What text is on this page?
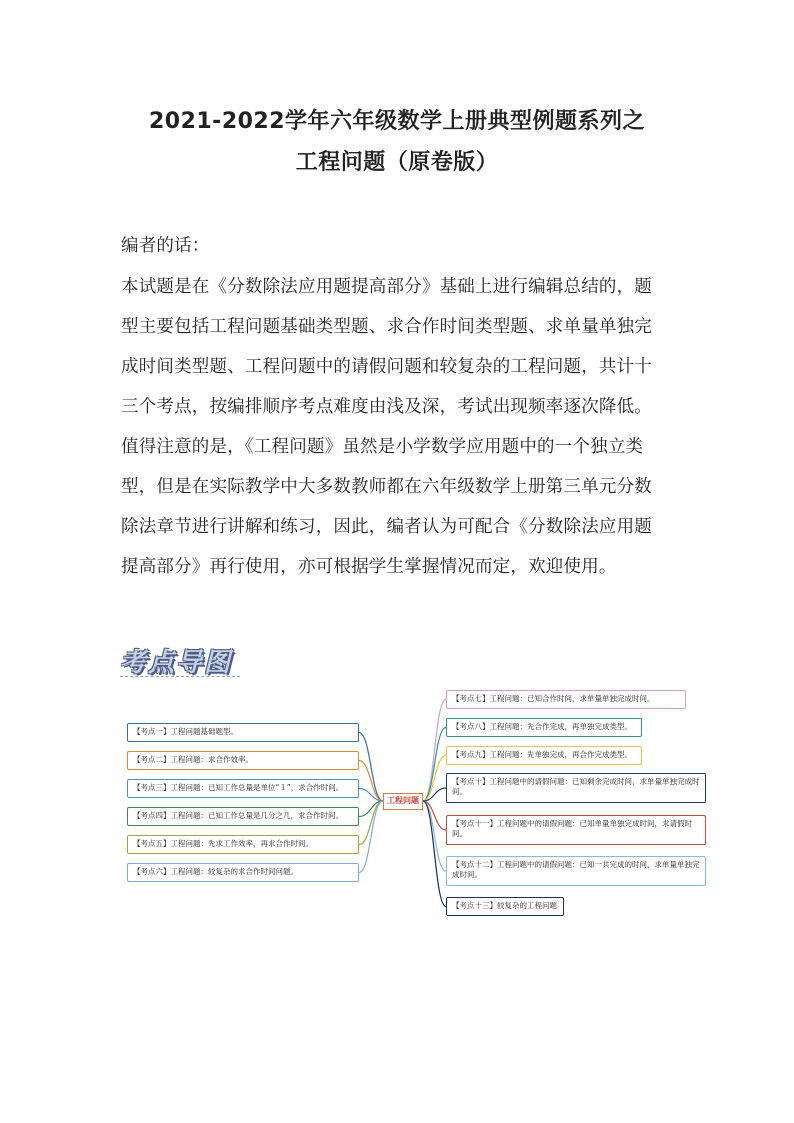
2021-2022学年六年级数学上册典型例题系列之
工程问题（原卷版）
编者的话：
本试题是在《分数除法应用题提高部分》基础上进行编辑总结的，题
型主要包括工程问题基础类型题、求合作时间类型题、求单量单独完
成时间类型题、工程问题中的请假问题和较复杂的工程问题，共计十
三个考点，按编排顺序考点难度由浅及深，考试出现频率逐次降低。
值得注意的是，《工程问题》虽然是小学数学应用题中的一个独立类
型，但是在实际教学中大多数教师都在六年级数学上册第三单元分数
除法章节进行讲解和练习，因此，编者认为可配合《分数除法应用题
提高部分》再行使用，亦可根据学生掌握情况而定，欢迎使用。
考点导图
工程问题
【考点一】工程问题基础题型。
【考点二】工程问题：求合作效率。
【考点三】工程问题：已知工作总量是单位“１”，求合作时间。
【考点四】工程问题：已知工作总量是几分之几，求合作时间。
【考点五】工程问题：先求工作效率，再求合作时间。
【考点六】工程问题：较复杂的求合作时间问题。
【考点七】工程问题：已知合作时间，求单量单独完成时间。
【考点八】工程问题：先合作完成，再单独完成类型。
【考点九】工程问题：先单独完成，再合作完成类型。
【考点十】工程问题中的请假问题：已知剩余完成时间，求单量单独完成时间。
【考点十一】工程问题中的请假问题：已知单量单独完成时间，求请假时间。
【考点十二】工程问题中的请假问题：已知一共完成的时间，求单量单独完成时间。
【考点十三】较复杂的工程问题
